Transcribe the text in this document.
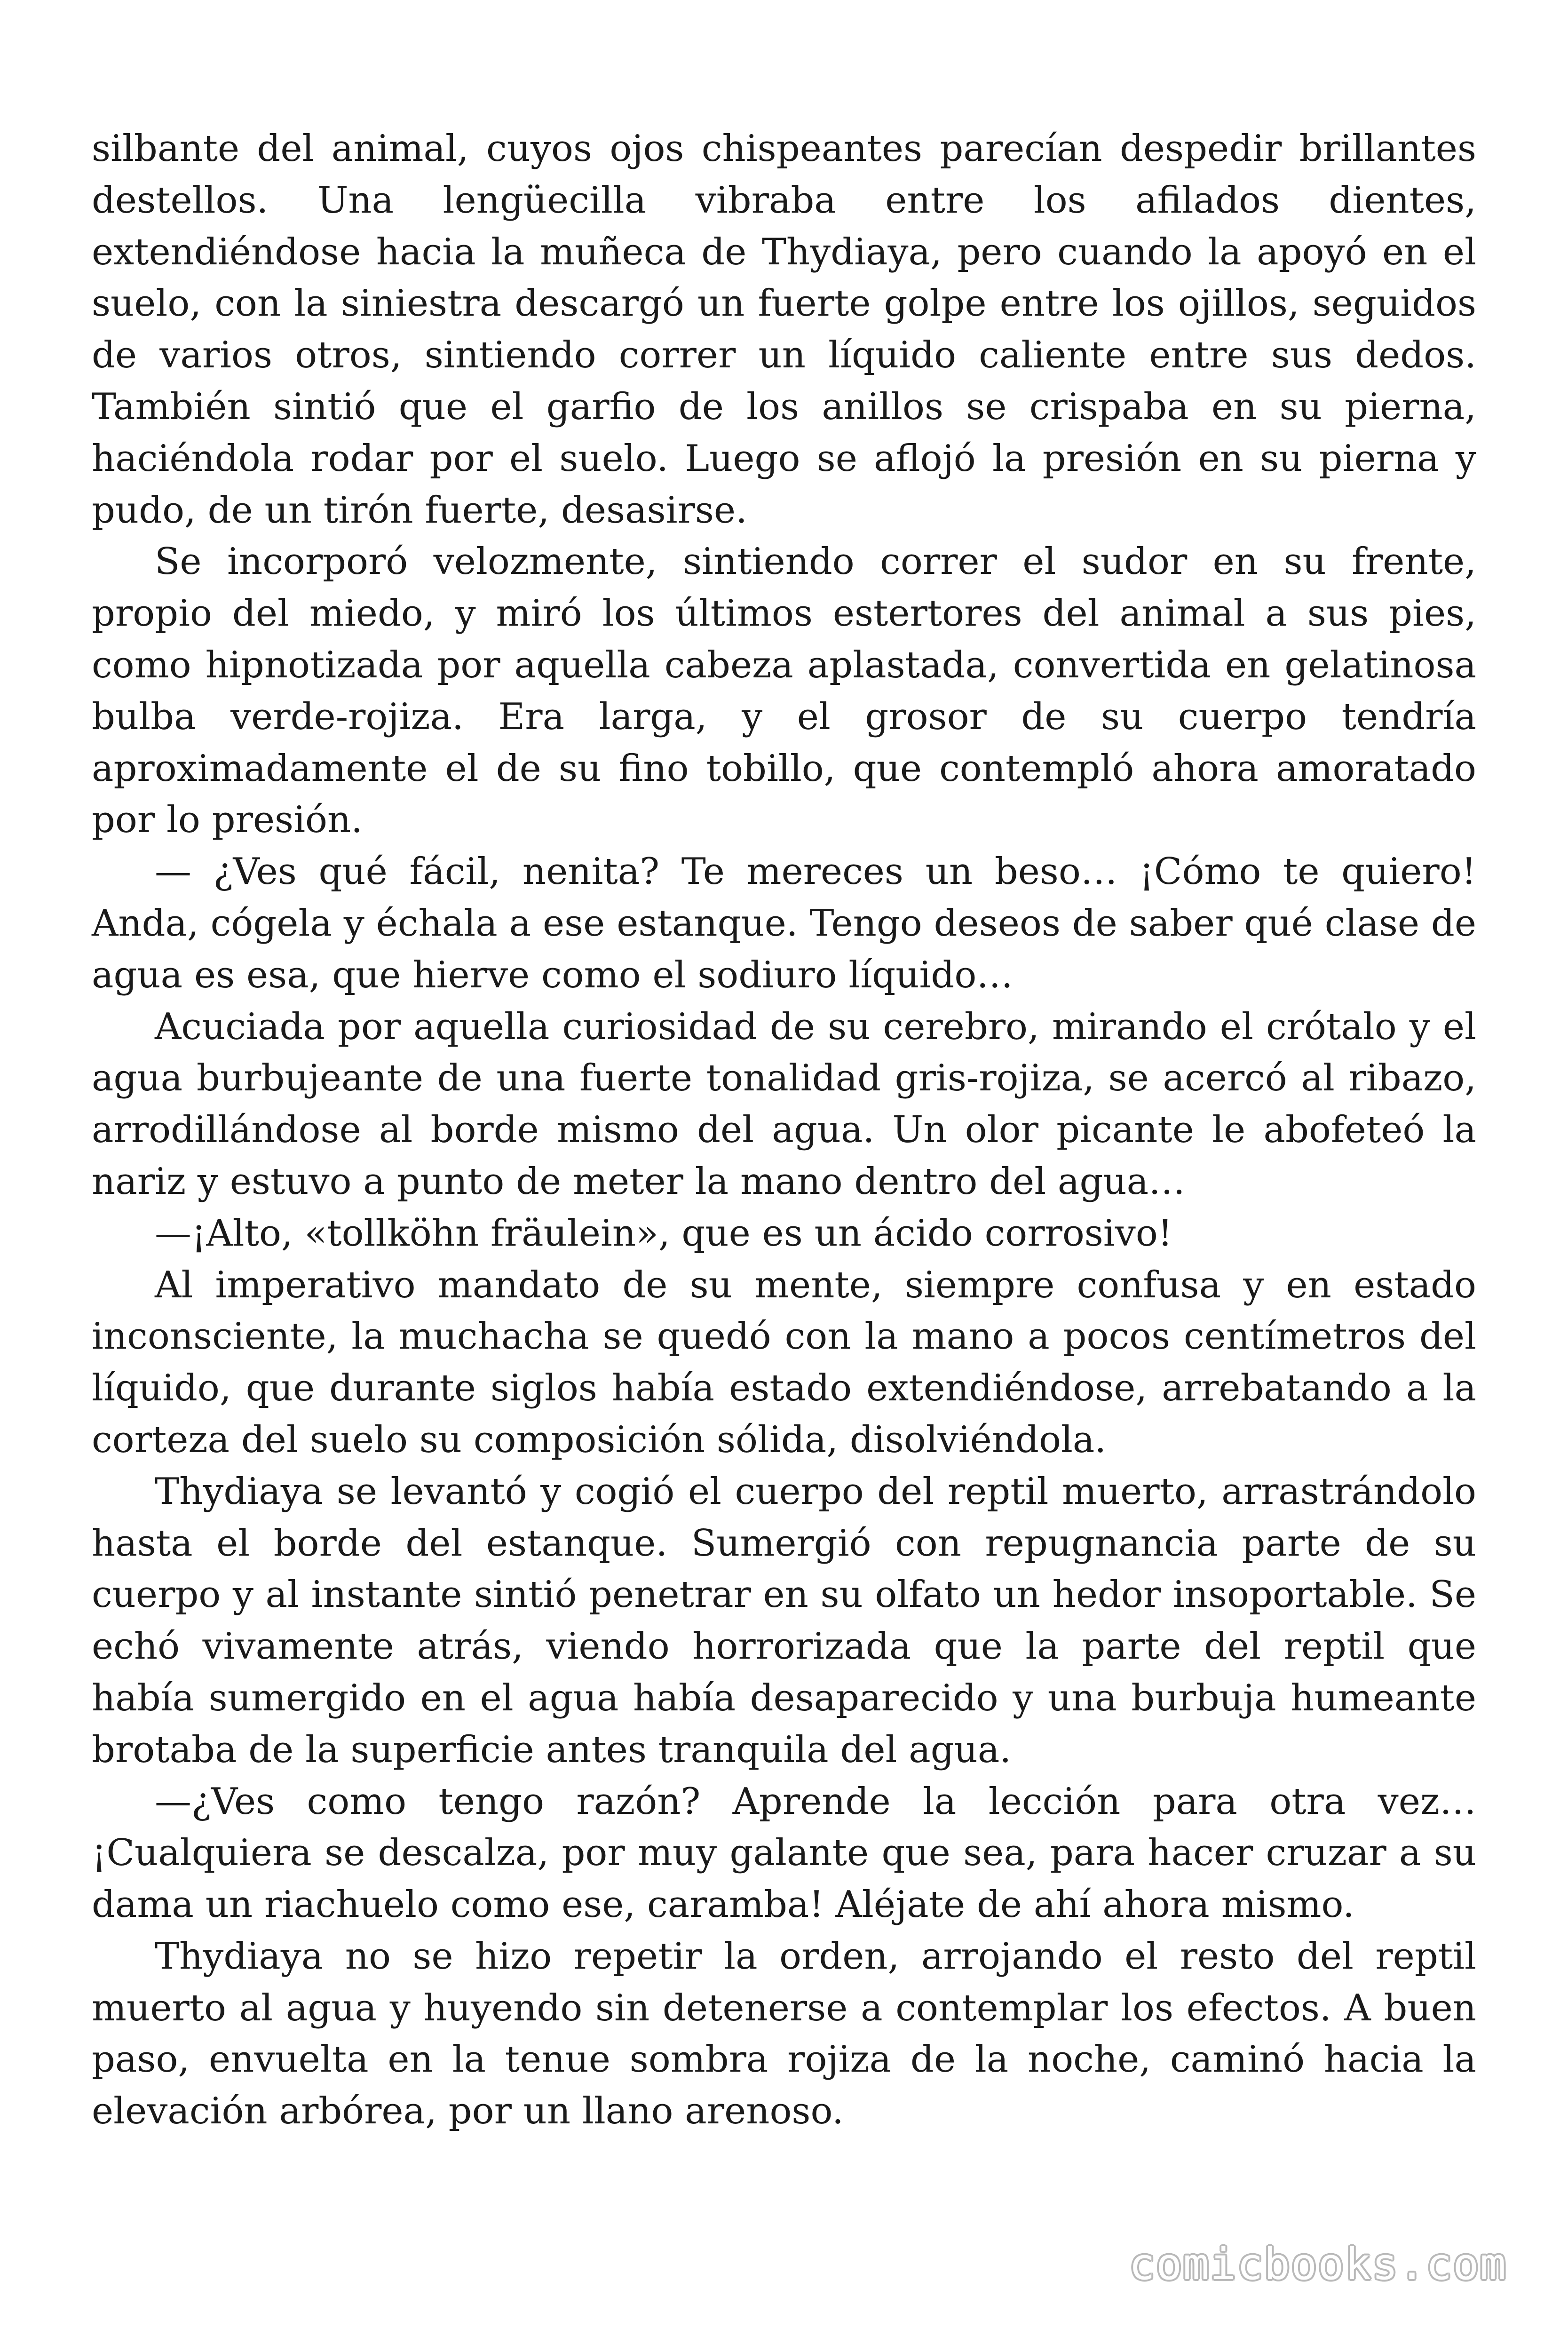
silbante del animal, cuyos ojos chispeantes parecían despedir brillantes destellos. Una lengüecilla vibraba entre los afilados dientes, extendiéndose hacia la muñeca de Thydiaya, pero cuando la apoyó en el suelo, con la siniestra descargó un fuerte golpe entre los ojillos, seguidos de varios otros, sintiendo correr un líquido caliente entre sus dedos. También sintió que el garfio de los anillos se crispaba en su pierna, haciéndola rodar por el suelo. Luego se aflojó la presión en su pierna y pudo, de un tirón fuerte, desasirse.

Se incorporó velozmente, sintiendo correr el sudor en su frente, propio del miedo, y miró los últimos estertores del animal a sus pies, como hipnotizada por aquella cabeza aplastada, convertida en gelatinosa bulba verde-rojiza. Era larga, y el grosor de su cuerpo tendría aproximadamente el de su fino tobillo, que contempló ahora amoratado por lo presión.

— ¿Ves qué fácil, nenita? Te mereces un beso… ¡Cómo te quiero! Anda, cógela y échala a ese estanque. Tengo deseos de saber qué clase de agua es esa, que hierve como el sodiuro líquido…

Acuciada por aquella curiosidad de su cerebro, mirando el crótalo y el agua burbujeante de una fuerte tonalidad gris-rojiza, se acercó al ribazo, arrodillándose al borde mismo del agua. Un olor picante le abofeteó la nariz y estuvo a punto de meter la mano dentro del agua…

—¡Alto, «tollköhn fräulein», que es un ácido corrosivo!

Al imperativo mandato de su mente, siempre confusa y en estado inconsciente, la muchacha se quedó con la mano a pocos centímetros del líquido, que durante siglos había estado extendiéndose, arrebatando a la corteza del suelo su composición sólida, disolviéndola.

Thydiaya se levantó y cogió el cuerpo del reptil muerto, arrastrándolo hasta el borde del estanque. Sumergió con repugnancia parte de su cuerpo y al instante sintió penetrar en su olfato un hedor insoportable. Se echó vivamente atrás, viendo horrorizada que la parte del reptil que había sumergido en el agua había desaparecido y una burbuja humeante brotaba de la superficie antes tranquila del agua.

—¿Ves como tengo razón? Aprende la lección para otra vez… ¡Cualquiera se descalza, por muy galante que sea, para hacer cruzar a su dama un riachuelo como ese, caramba! Aléjate de ahí ahora mismo.

Thydiaya no se hizo repetir la orden, arrojando el resto del reptil muerto al agua y huyendo sin detenerse a contemplar los efectos. A buen paso, envuelta en la tenue sombra rojiza de la noche, caminó hacia la elevación arbórea, por un llano arenoso.

comicbooks.com
